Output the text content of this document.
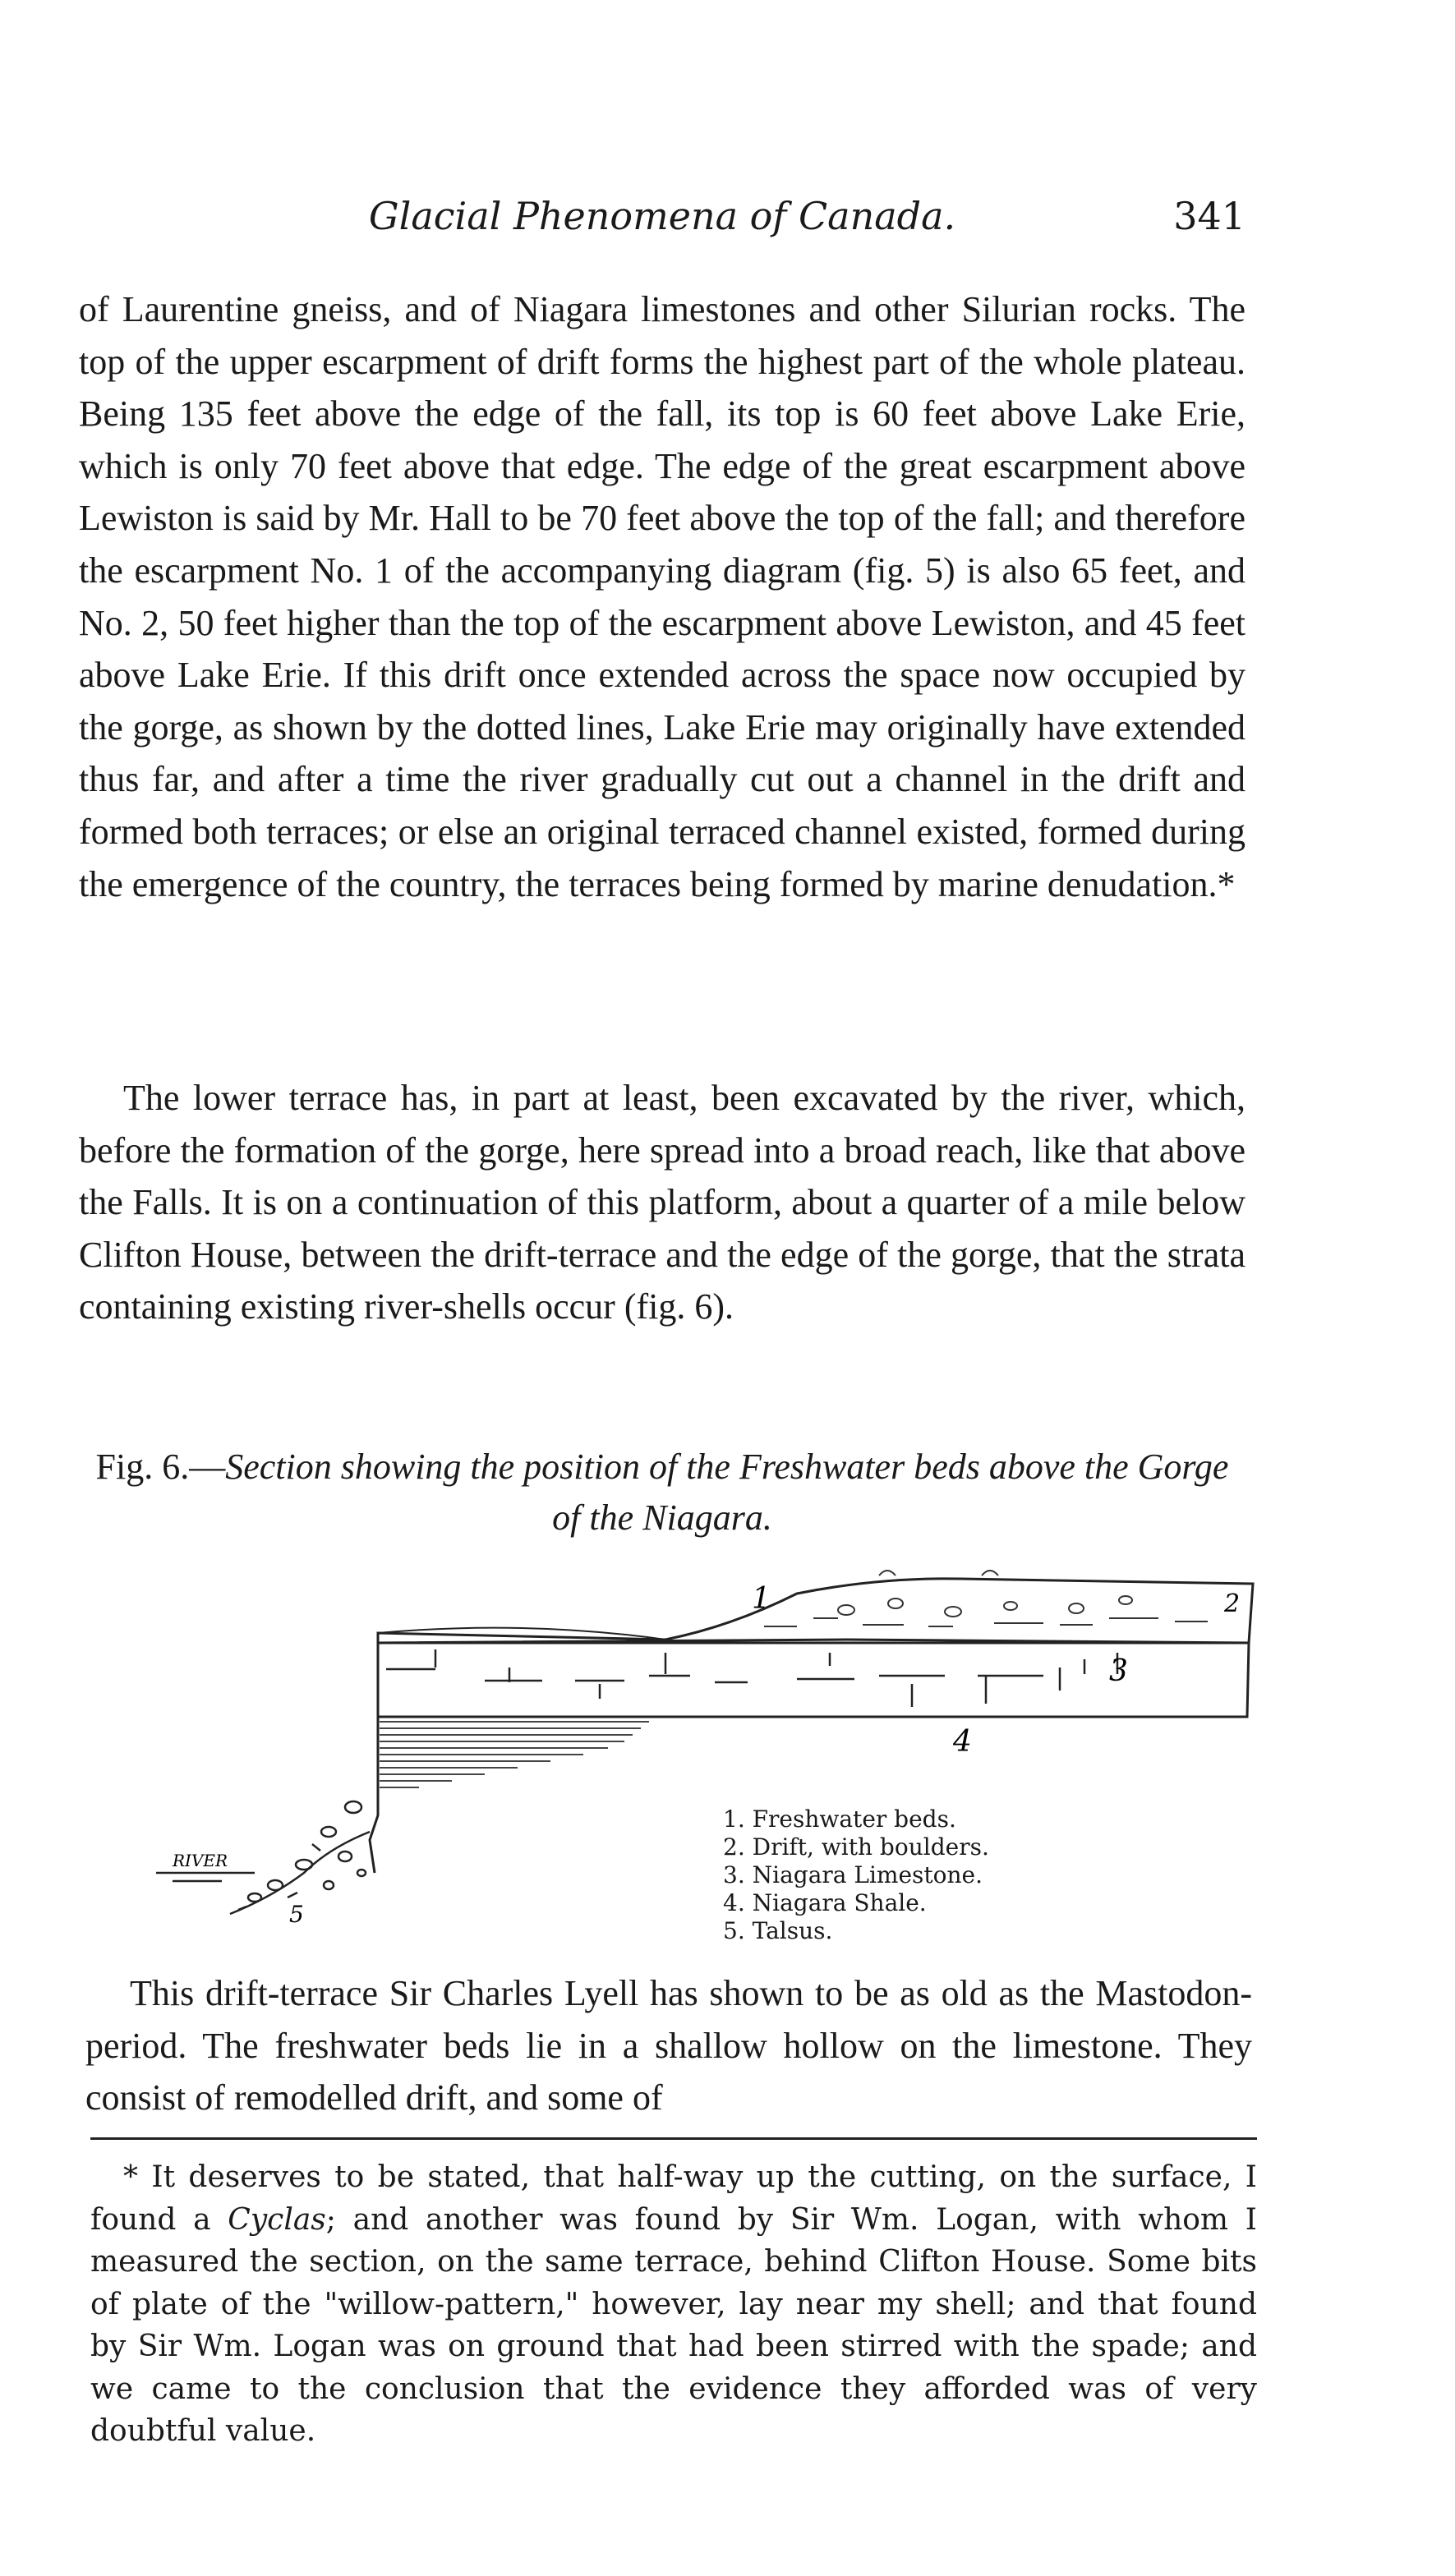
Glacial Phenomena of Canada.	341

of Laurentine gneiss, and of Niagara limestones and other Silurian rocks. The top of the upper escarpment of drift forms the highest part of the whole plateau. Being 135 feet above the edge of the fall, its top is 60 feet above Lake Erie, which is only 70 feet above that edge. The edge of the great escarpment above Lewiston is said by Mr. Hall to be 70 feet above the top of the fall; and therefore the escarpment No. 1 of the accompanying diagram (fig. 5) is also 65 feet, and No. 2, 50 feet higher than the top of the escarpment above Lewiston, and 45 feet above Lake Erie. If this drift once extended across the space now occupied by the gorge, as shown by the dotted lines, Lake Erie may originally have extended thus far, and after a time the river gradually cut out a channel in the drift and formed both terraces; or else an original terraced channel existed, formed during the emergence of the country, the terraces being formed by marine denudation.*

The lower terrace has, in part at least, been excavated by the river, which, before the formation of the gorge, here spread into a broad reach, like that above the Falls. It is on a continuation of this platform, about a quarter of a mile below Clifton House, between the drift-terrace and the edge of the gorge, that the strata containing existing river-shells occur (fig. 6).

Fig. 6.—Section showing the position of the Freshwater beds above the Gorge of the Niagara.
RIVER
1	2
3
4
5
1. Freshwater beds.
2. Drift, with boulders.
3. Niagara Limestone.
4. Niagara Shale.
5. Talsus.

This drift-terrace Sir Charles Lyell has shown to be as old as the Mastodon-period. The freshwater beds lie in a shallow hollow on the limestone. They consist of remodelled drift, and some of

* It deserves to be stated, that half-way up the cutting, on the surface, I found a Cyclas; and another was found by Sir Wm. Logan, with whom I measured the section, on the same terrace, behind Clifton House. Some bits of plate of the "willow-pattern," however, lay near my shell; and that found by Sir Wm. Logan was on ground that had been stirred with the spade; and we came to the conclusion that the evidence they afforded was of very doubtful value.
